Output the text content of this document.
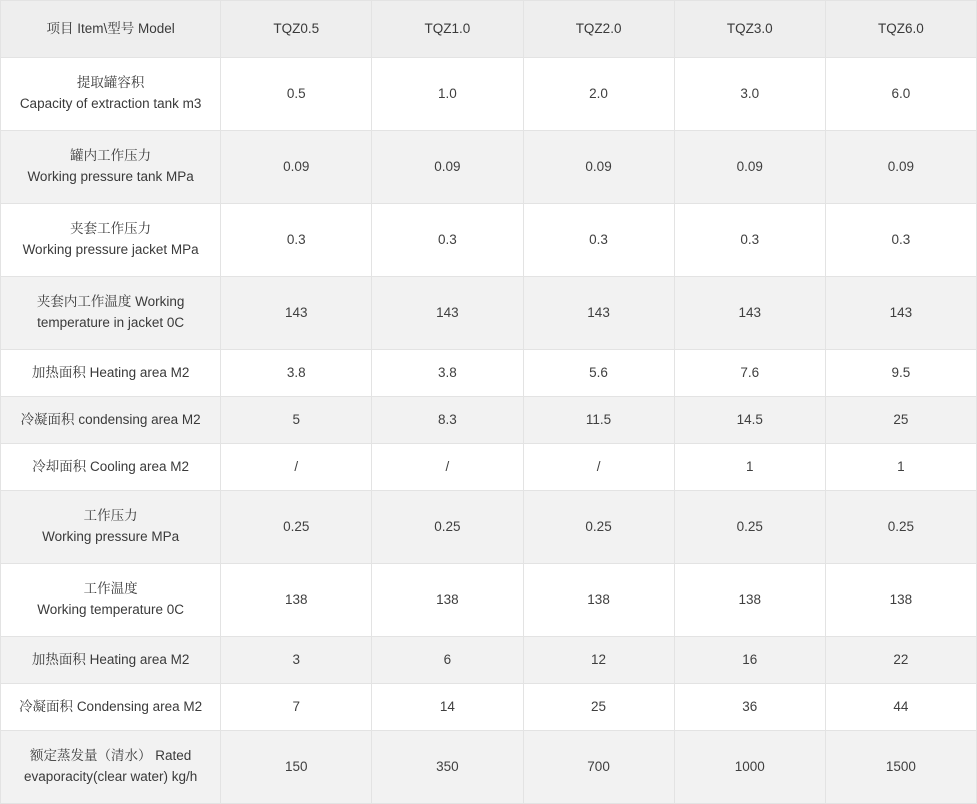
项目 Item\型号 Model	TQZ0.5	TQZ1.0	TQZ2.0	TQZ3.0	TQZ6.0

提取罐容积
Capacity of extraction tank m3	0.5	1.0	2.0	3.0	6.0

罐内工作压力
Working pressure tank MPa	0.09	0.09	0.09	0.09	0.09

夹套工作压力
Working pressure jacket MPa	0.3	0.3	0.3	0.3	0.3

夹套内工作温度 Working
temperature in jacket 0C	143	143	143	143	143

加热面积 Heating area M2	3.8	3.8	5.6	7.6	9.5

冷凝面积 condensing area M2	5	8.3	11.5	14.5	25

冷却面积 Cooling area M2	/	/	/	1	1

工作压力
Working pressure MPa	0.25	0.25	0.25	0.25	0.25

工作温度
Working temperature 0C	138	138	138	138	138

加热面积 Heating area M2	3	6	12	16	22

冷凝面积 Condensing area M2	7	14	25	36	44

额定蒸发量（清水） Rated
evaporacity(clear water) kg/h	150	350	700	1000	1500
